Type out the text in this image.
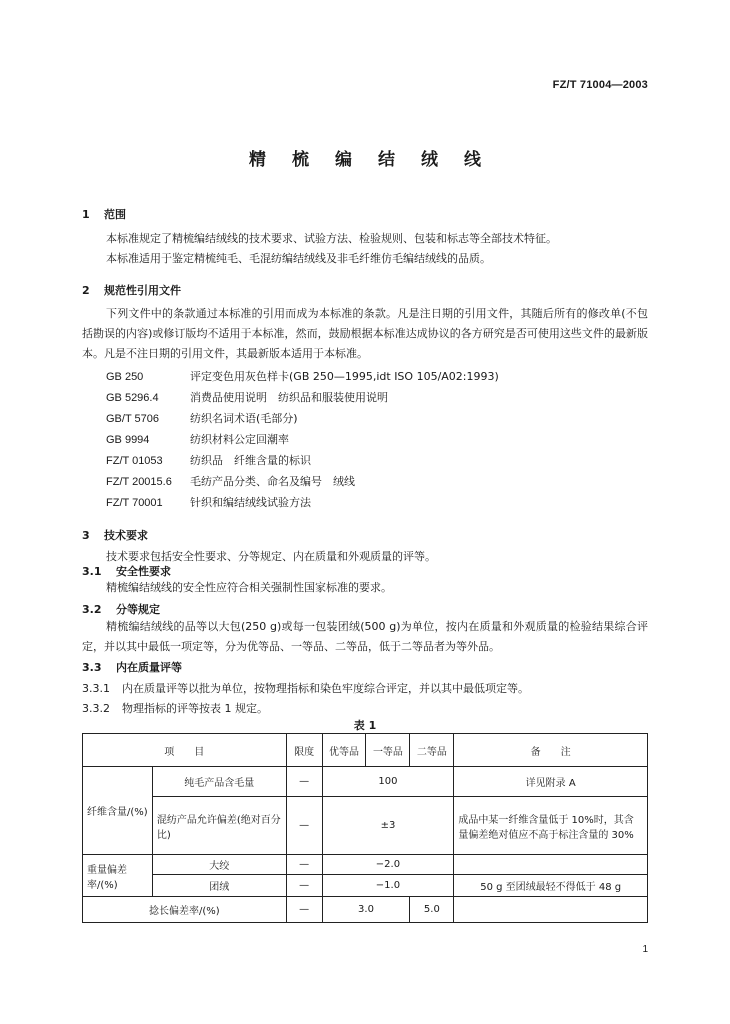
FZ/T 71004—2003
精梳编结绒线
1 范围
本标准规定了精梳编结绒线的技术要求、试验方法、检验规则、包装和标志等全部技术特征。
本标准适用于鉴定精梳纯毛、毛混纺编结绒线及非毛纤维仿毛编结绒线的品质。
2 规范性引用文件
下列文件中的条款通过本标准的引用而成为本标准的条款。凡是注日期的引用文件，其随后所有的修改单(不包括勘误的内容)或修订版均不适用于本标准，然而，鼓励根据本标准达成协议的各方研究是否可使用这些文件的最新版本。凡是不注日期的引用文件，其最新版本适用于本标准。
GB 250	评定变色用灰色样卡(GB 250—1995,idt ISO 105/A02:1993)
GB 5296.4	消费品使用说明　纺织品和服装使用说明
GB/T 5706	纺织名词术语(毛部分)
GB 9994	纺织材料公定回潮率
FZ/T 01053 纺织品　纤维含量的标识
FZ/T 20015.6 毛纺产品分类、命名及编号　绒线
FZ/T 70001 针织和编结绒线试验方法
3 技术要求
技术要求包括安全性要求、分等规定、内在质量和外观质量的评等。
3.1 安全性要求
精梳编结绒线的安全性应符合相关强制性国家标准的要求。
3.2 分等规定
精梳编结绒线的品等以大包(250 g)或每一包装团绒(500 g)为单位，按内在质量和外观质量的检验结果综合评定，并以其中最低一项定等，分为优等品、一等品、二等品，低于二等品者为等外品。
3.3 内在质量评等
3.3.1 内在质量评等以批为单位，按物理指标和染色牢度综合评定，并以其中最低项定等。
3.3.2 物理指标的评等按表 1 规定。
表 1
项　　目		限度	优等品	一等品	二等品	备　　注
纤维含量/(%)	纯毛产品含毛量	—	100			详见附录 A
	混纺产品允许偏差(绝对百分比)	—	±3			成品中某一纤维含量低于 10%时，其含量偏差绝对值应不高于标注含量的 30%
重量偏差率/(%)	大绞	—	−2.0			
	团绒	—	−1.0			50 g 至团绒最轻不得低于 48 g
捻长偏差率/(%)		—	3.0		5.0	
1
